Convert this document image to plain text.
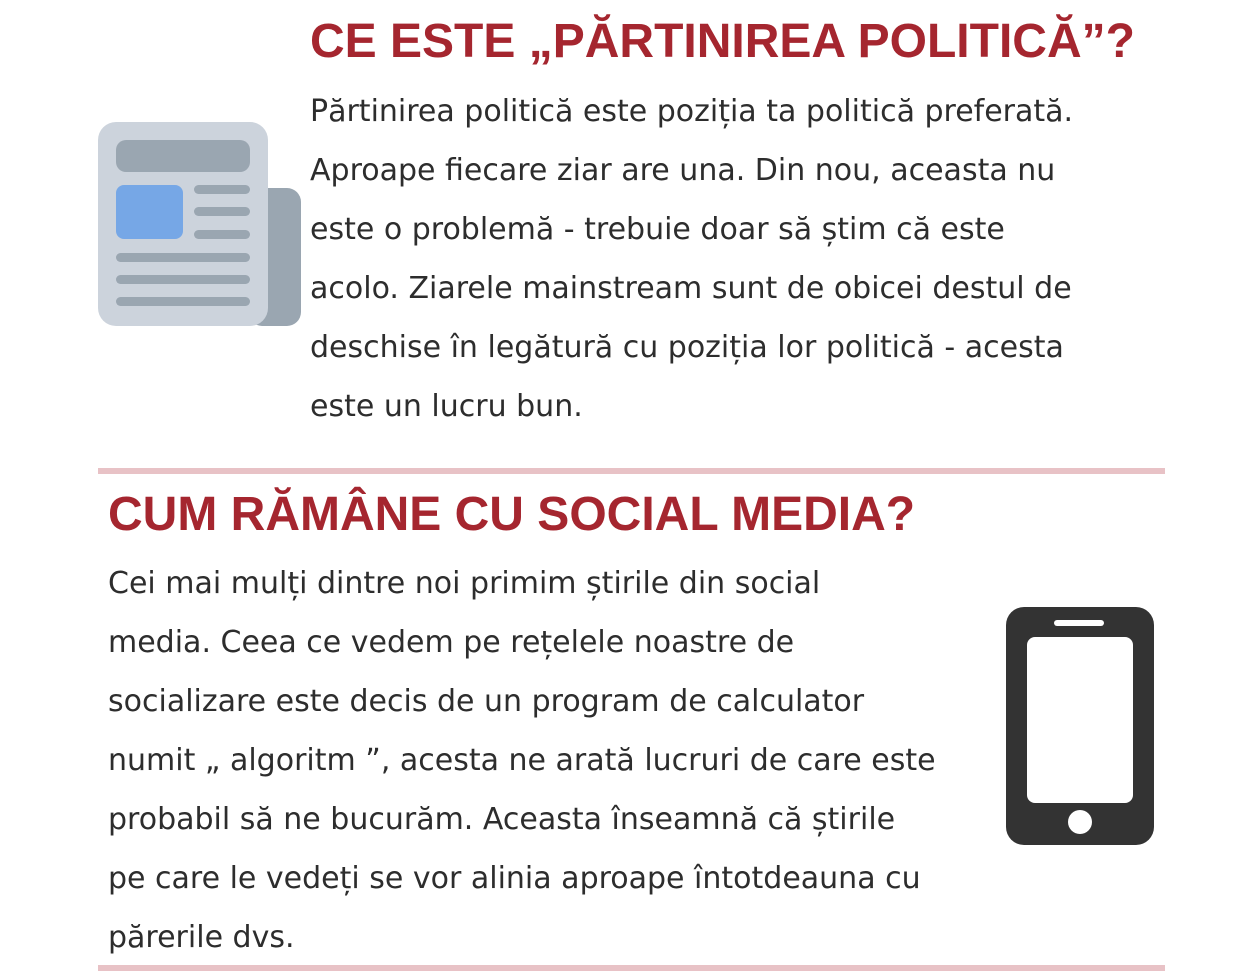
CE ESTE „PĂRTINIREA POLITICĂ”?
Părtinirea politică este poziția ta politică preferată.
Aproape fiecare ziar are una. Din nou, aceasta nu
este o problemă - trebuie doar să știm că este
acolo. Ziarele mainstream sunt de obicei destul de
deschise în legătură cu poziția lor politică - acesta
este un lucru bun.
CUM RĂMÂNE CU SOCIAL MEDIA?
Cei mai mulți dintre noi primim știrile din social
media. Ceea ce vedem pe rețelele noastre de
socializare este decis de un program de calculator
numit „ algoritm ”, acesta ne arată lucruri de care este
probabil să ne bucurăm. Aceasta înseamnă că știrile
pe care le vedeți se vor alinia aproape întotdeauna cu
părerile dvs.
